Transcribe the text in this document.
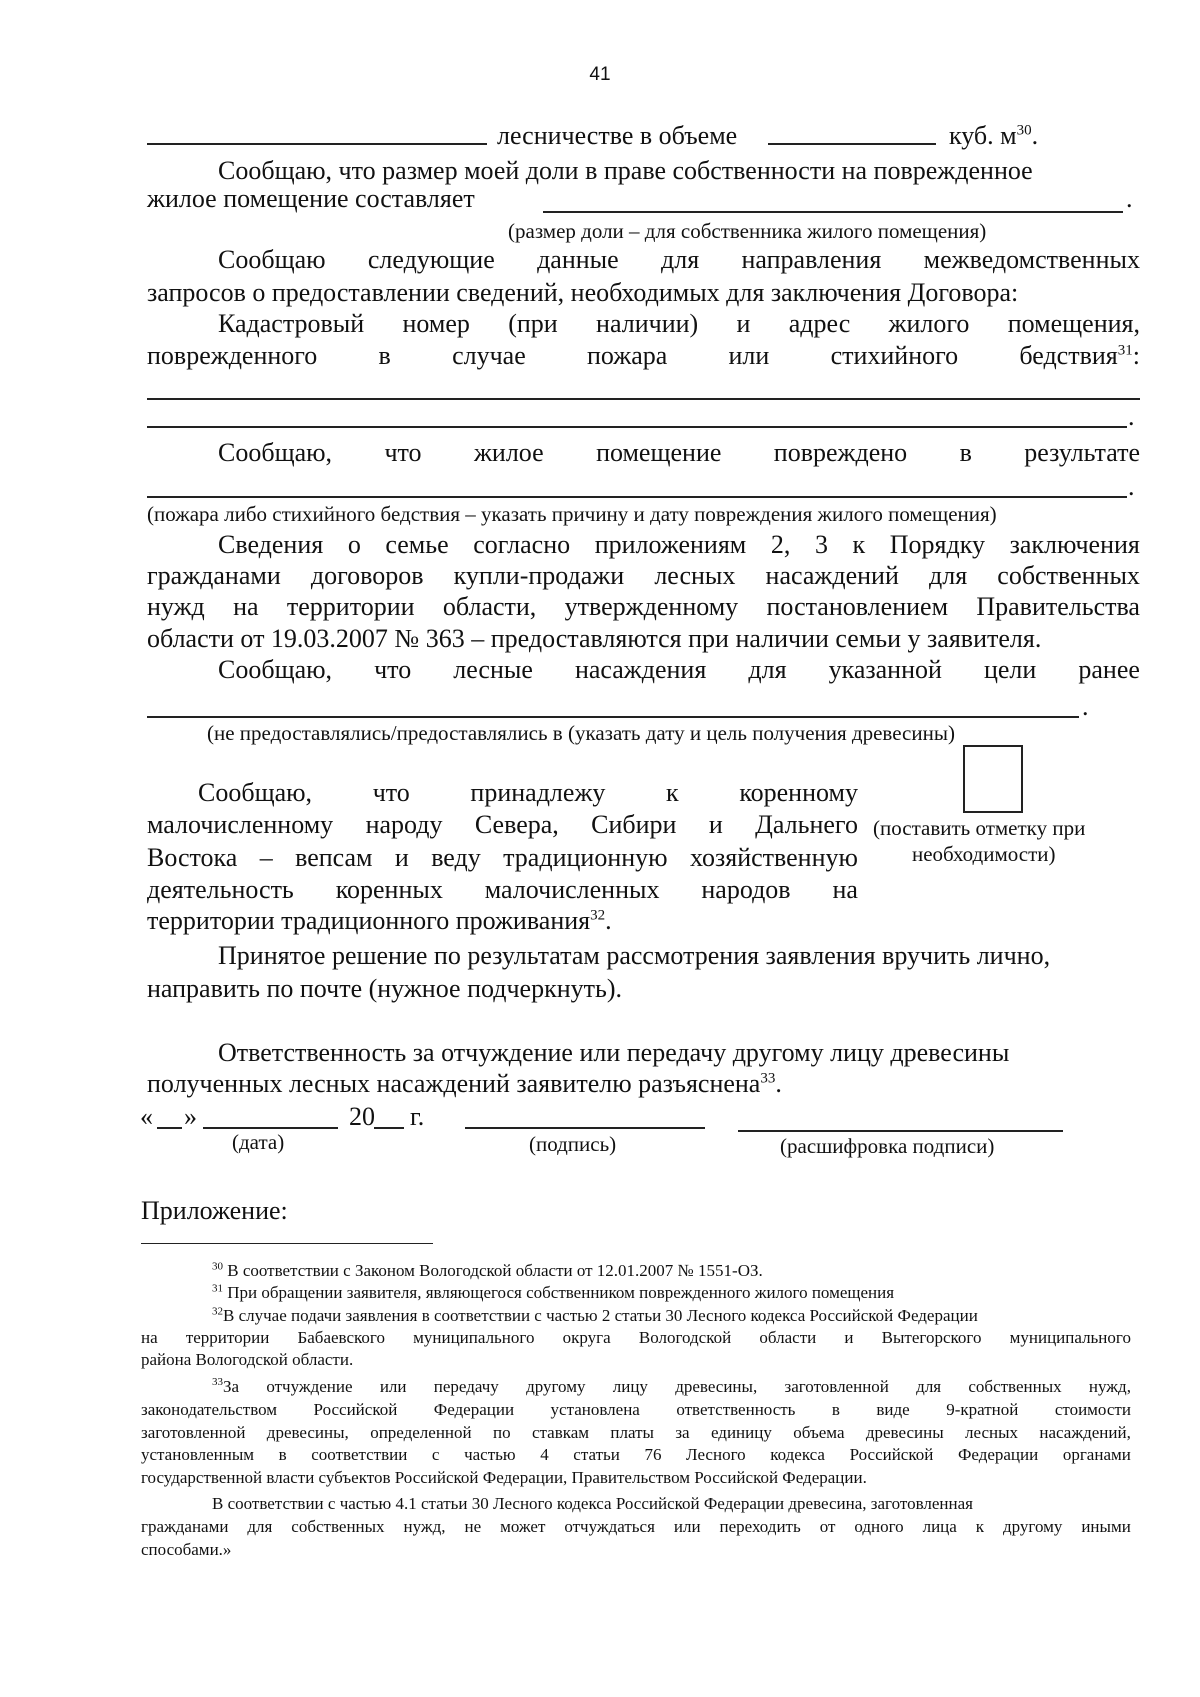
41
лесничестве в объеме	куб. $м^{30}$.
Сообщаю, что размер моей доли в праве собственности на поврежденное
жилое помещение составляет	.
(размер доли – для собственника жилого помещения)
Сообщаю следующие данные для направления межведомственных
запросов о предоставлении сведений, необходимых для заключения Договора:
Кадастровый номер (при наличии) и адрес жилого помещения,
поврежденного в случае пожара или стихийного бедствия$^{31}$:
.
Сообщаю, что жилое помещение повреждено в результате
.
(пожара либо стихийного бедствия – указать причину и дату повреждения жилого помещения)
Сведения о семье согласно приложениям 2, 3 к Порядку заключения
гражданами договоров купли-продажи лесных насаждений для собственных
нужд на территории области, утвержденному постановлением Правительства
области от 19.03.2007 № 363 – предоставляются при наличии семьи у заявителя.
Сообщаю, что лесные насаждения для указанной цели ранее
.
(не предоставлялись/предоставлялись в (указать дату и цель получения древесины)
Сообщаю, что принадлежу к коренному
малочисленному народу Севера, Сибири и Дальнего
Востока – вепсам и веду традиционную хозяйственную
деятельность коренных малочисленных народов на
территории традиционного проживания$^{32}$.
(поставить отметку при
необходимости)
Принятое решение по результатам рассмотрения заявления вручить лично,
направить по почте (нужное подчеркнуть).
Ответственность за отчуждение или передачу другому лицу древесины
полученных лесных насаждений заявителю разъяснена$^{33}$.
« »	20 г.
(дата)	(подпись)	(расшифровка подписи)
Приложение:
$^{30}$ В соответствии с Законом Вологодской области от 12.01.2007 № 1551-ОЗ.
$^{31}$ При обращении заявителя, являющегося собственником поврежденного жилого помещения
$^{32}$В случае подачи заявления в соответствии с частью 2 статьи 30 Лесного кодекса Российской Федерации
на территории Бабаевского муниципального округа Вологодской области и Вытегорского муниципального
района Вологодской области.
33За отчуждение или передачу другому лицу древесины, заготовленной для собственных нужд,
законодательством Российской Федерации установлена ответственность в виде 9-кратной стоимости
заготовленной древесины, определенной по ставкам платы за единицу объема древесины лесных насаждений,
установленным в соответствии с частью 4 статьи 76 Лесного кодекса Российской Федерации органами
государственной власти субъектов Российской Федерации, Правительством Российской Федерации.
В соответствии с частью 4.1 статьи 30 Лесного кодекса Российской Федерации древесина, заготовленная
гражданами для собственных нужд, не может отчуждаться или переходить от одного лица к другому иными
способами.»
